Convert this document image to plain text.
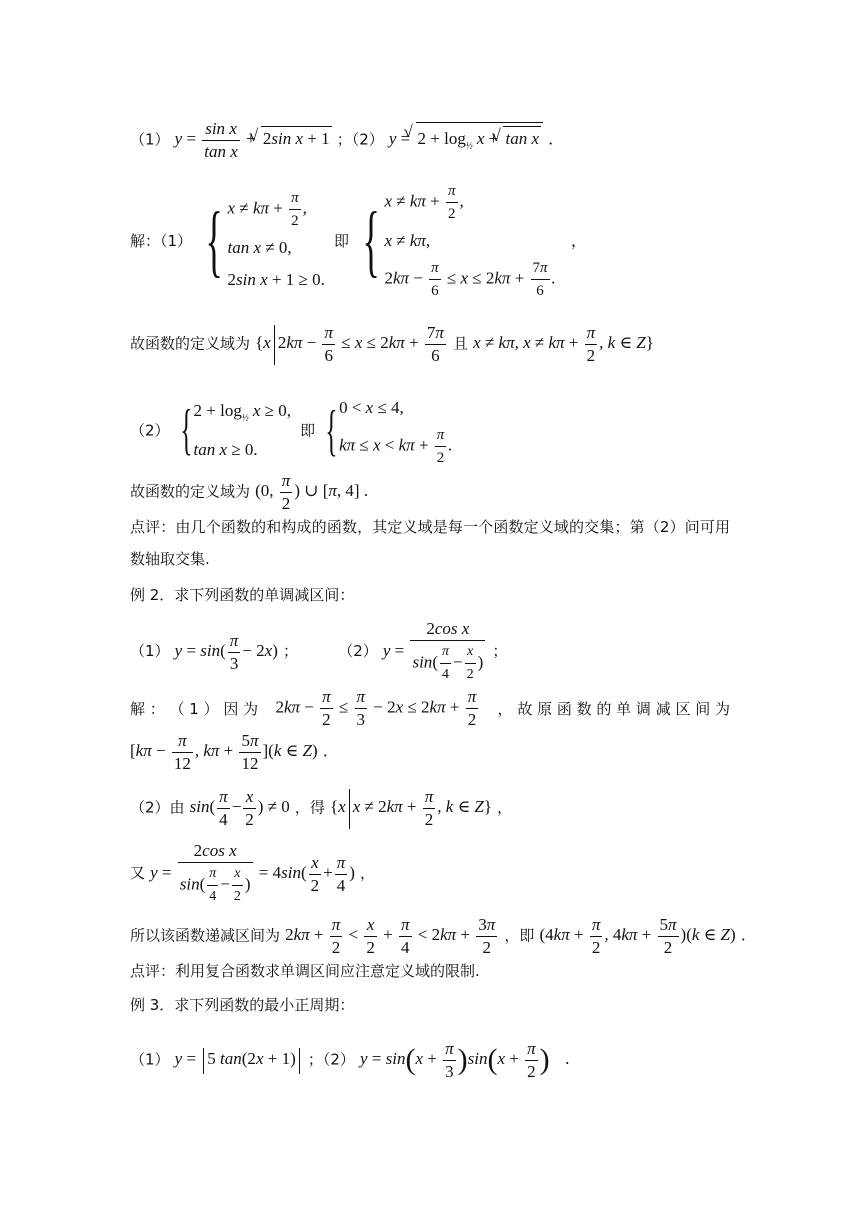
（1） $y = \frac{\text{sin x}}{\text{tan x}}$ + √ 2sin x + 1 ；（2） y = √ $2 + \log_{\frac{1}{2}} x$ + √ tan x .
解：（1） { $x \ne k\pi + \frac{\pi}{2}$ ,
tan x ≠ 0,
2sin x + 1 ≥ 0.
即 { $x \ne k\pi + \frac{\pi}{2}$ ,
x ≠ kπ,
$2k\pi - \frac{\pi}{6} \le x \le 2k\pi + \frac{7\pi}{6}$ .
，
故函数的定义域为 {x $2k\pi - \frac{\pi}{6} \le x \le 2k\pi + \frac{7\pi}{6}$ 且 x ≠ kπ, $x \ne k\pi + \frac{\pi}{2}$ , k ∈ Z}
（2） { $2 + \log_{\frac{1}{2}} x \ge 0$,
tan x ≥ 0.
即 { 0 < x ≤ 4,
$k\pi \le x < k\pi + \frac{\pi}{2}$ .
故函数的定义域为 (0, $\frac{\pi}{2}$ ) ∪ [π, 4] .
点评：由几个函数的和构成的函数，其定义域是每一个函数定义域的交集；第（2）问可用
数轴取交集.
例 2．求下列函数的单调减区间：
（1） $y = \sin( \frac{\pi}{3} - 2x)$ ；	（2） $y = \frac{\text{2cos x}}{\sin( \frac{\pi}{4} - \frac{x}{2} )}$ ；
解 ： （ 1 ） 因 为 $2k\pi - \frac{\pi}{2} \le \frac{\pi}{3} - 2x \le 2k\pi + \frac{\pi}{2}$ ， 故 原 函 数 的 单 调 减 区 间 为
[$k\pi - \frac{\pi}{12}$ , $k\pi + \frac{5\pi}{12} ](k$ ∈ Z) .
（2）由 $\sin( \frac{\pi}{4} - \frac{x}{2}$ ) ≠ 0 ，得 {x $x \ne 2k\pi + \frac{\pi}{2}$ , k ∈ Z} ，
又 $y = \frac{\text{2cos x}}{\sin( \frac{\pi}{4} - \frac{x}{2} )} = 4\sin( \frac{x}{2} + \frac{\pi}{4}$ ) ，
所以该函数递减区间为 $2k\pi + \frac{\pi}{2} < \frac{x}{2} + \frac{\pi}{4} < 2k\pi + \frac{3\pi}{2}$ ，即 ($4k\pi + \frac{\pi}{2}$ , $4k\pi + \frac{5\pi}{2} )(k$ ∈ Z) .
点评：利用复合函数求单调区间应注意定义域的限制.
例 3．求下列函数的最小正周期：
（1） y = 5 tan(2x + 1) ；（2） $y = \sin(x + \frac{\pi}{3} )\sin(x + \frac{\pi}{2}$ ) .
